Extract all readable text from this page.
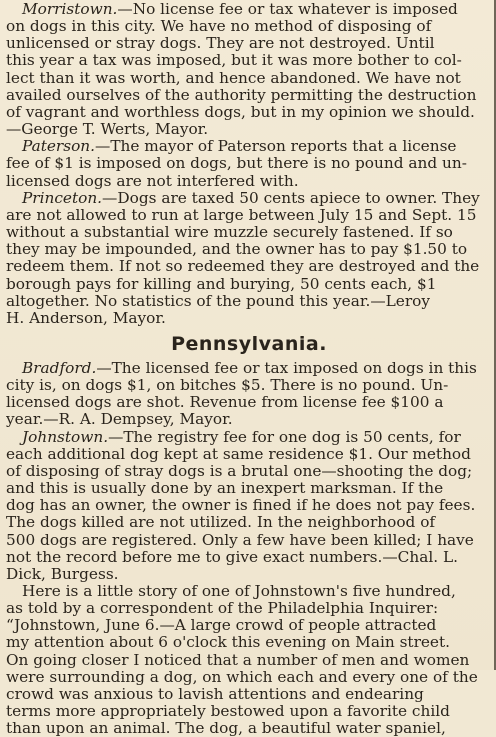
Morristown.—No license fee or tax whatever is imposed
on dogs in this city. We have no method of disposing of
unlicensed or stray dogs. They are not destroyed. Until
this year a tax was imposed, but it was more bother to col-
lect than it was worth, and hence abandoned. We have not
availed ourselves of the authority permitting the destruction
of vagrant and worthless dogs, but in my opinion we should.
—George T. Werts, Mayor.
Paterson.—The mayor of Paterson reports that a license
fee of $1 is imposed on dogs, but there is no pound and un-
licensed dogs are not interfered with.
Princeton.—Dogs are taxed 50 cents apiece to owner. They
are not allowed to run at large between July 15 and Sept. 15
without a substantial wire muzzle securely fastened. If so
they may be impounded, and the owner has to pay $1.50 to
redeem them. If not so redeemed they are destroyed and the
borough pays for killing and burying, 50 cents each, $1
altogether. No statistics of the pound this year.—Leroy
H. Anderson, Mayor.
Pennsylvania.
Bradford.—The licensed fee or tax imposed on dogs in this
city is, on dogs $1, on bitches $5. There is no pound. Un-
licensed dogs are shot. Revenue from license fee $100 a
year.—R. A. Dempsey, Mayor.
Johnstown.—The registry fee for one dog is 50 cents, for
each additional dog kept at same residence $1. Our method
of disposing of stray dogs is a brutal one—shooting the dog;
and this is usually done by an inexpert marksman. If the
dog has an owner, the owner is fined if he does not pay fees.
The dogs killed are not utilized. In the neighborhood of
500 dogs are registered. Only a few have been killed; I have
not the record before me to give exact numbers.—Chal. L.
Dick, Burgess.
Here is a little story of one of Johnstown's five hundred,
as told by a correspondent of the Philadelphia Inquirer:
“Johnstown, June 6.—A large crowd of people attracted
my attention about 6 o'clock this evening on Main street.
On going closer I noticed that a number of men and women
were surrounding a dog, on which each and every one of the
crowd was anxious to lavish attentions and endearing
terms more appropriately bestowed upon a favorite child
than upon an animal. The dog, a beautiful water spaniel,
